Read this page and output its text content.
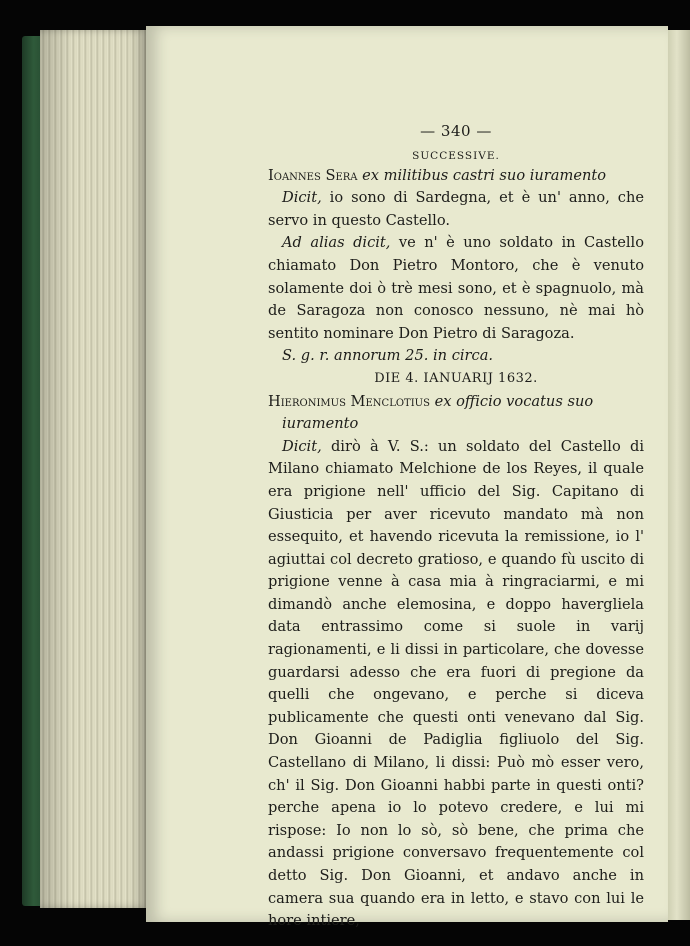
— 340 —

SUCCESSIVE.

Ioannes Sera ex militibus castri suo iuramento

Dicit, io sono di Sardegna, et è un' anno, che servo in questo Castello.

Ad alias dicit, ve n' è uno soldato in Castello chiamato Don Pietro Montoro, che è venuto solamente doi ò trè mesi sono, et è spagnuolo, mà de Saragoza non conosco nessuno, nè mai hò sentito nominare Don Pietro di Saragoza.

S. g. r. annorum 25. in circa.

DIE 4. IANUARIJ 1632.

Hieronimus Menclotius ex officio vocatus suo iuramento

Dicit, dirò à V. S.: un soldato del Castello di Milano chiamato Melchione de los Reyes, il quale era prigione nell' ufficio del Sig. Capitano di Giusticia per aver ricevuto mandato mà non essequito, et havendo ricevuta la remissione, io l' agiuttai col decreto gratioso, e quando fù uscito di prigione venne à casa mia à ringraciarmi, e mi dimandò anche elemosina, e doppo havergliela data entrassimo come si suole in varij ragionamenti, e li dissi in particolare, che dovesse guardarsi adesso che era fuori di pregione da quelli che ongevano, e perche si diceva publicamente che questi onti venevano dal Sig. Don Gioanni de Padiglia figliuolo del Sig. Castellano di Milano, li dissi: Può mò esser vero, ch' il Sig. Don Gioanni habbi parte in questi onti? perche apena io lo potevo credere, e lui mi rispose: Io non lo sò, sò bene, che prima che andassi prigione conversavo frequentemente col detto Sig. Don Gioanni, et andavo anche in camera sua quando era in letto, e stavo con lui le hore intiere,
